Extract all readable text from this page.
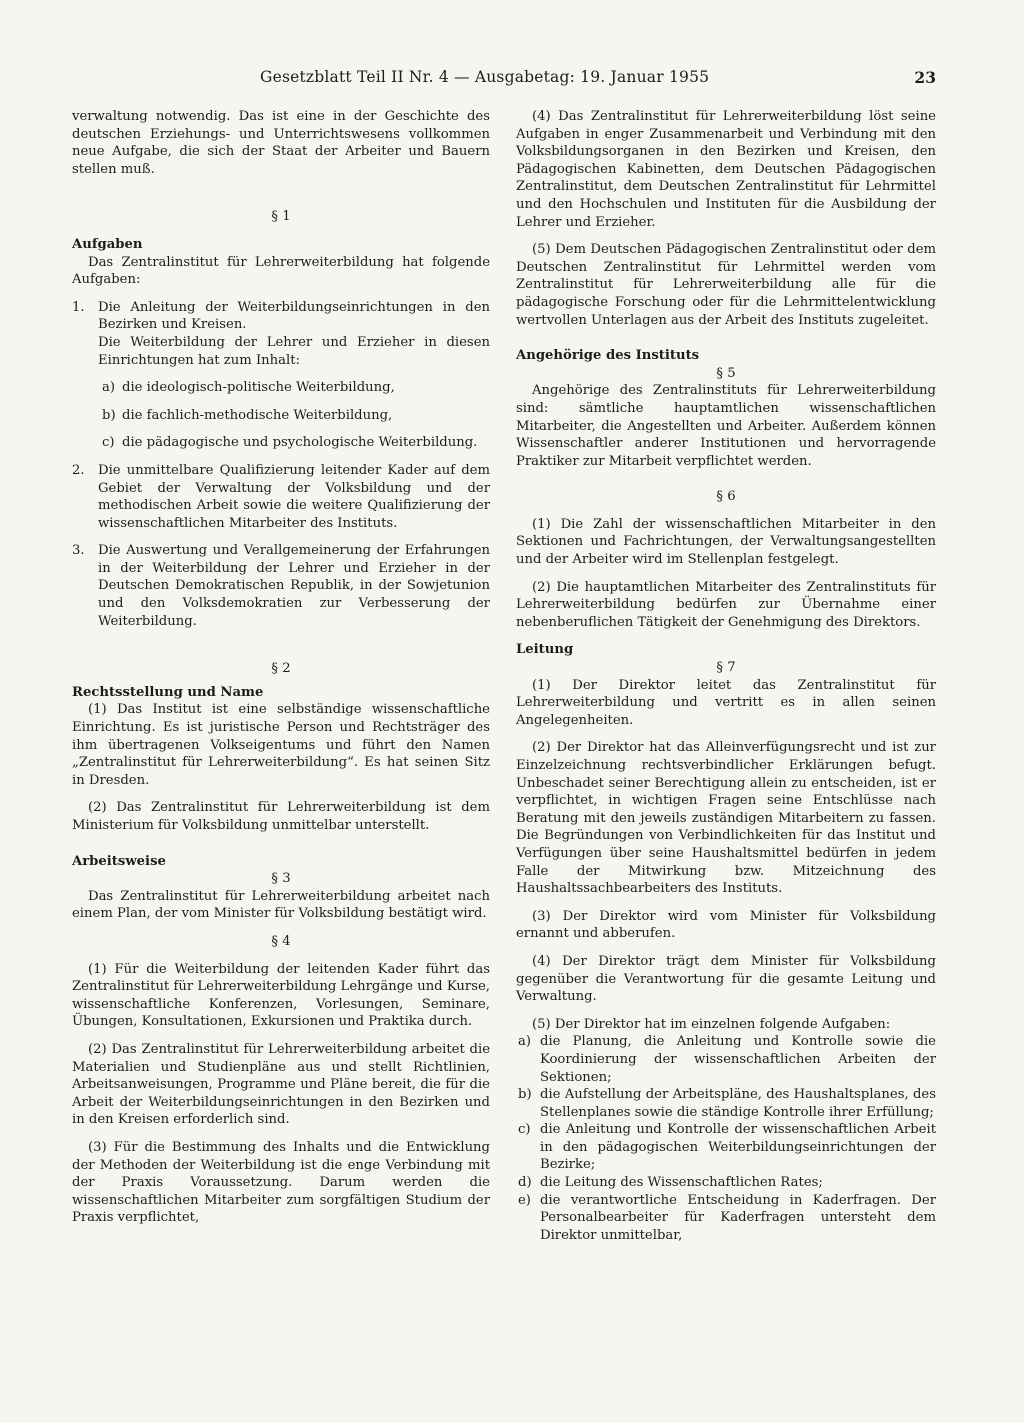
Gesetzblatt Teil II Nr. 4 — Ausgabetag: 19. Januar 1955	23

verwaltung notwendig. Das ist eine in der Geschichte des deutschen Erziehungs- und Unterrichtswesens vollkommen neue Aufgabe, die sich der Staat der Arbeiter und Bauern stellen muß.

§ 1

Aufgaben

Das Zentralinstitut für Lehrerweiterbildung hat folgende Aufgaben:

1.	Die Anleitung der Weiterbildungseinrichtungen in den Bezirken und Kreisen.
Die Weiterbildung der Lehrer und Erzieher in diesen Einrichtungen hat zum Inhalt:
a) die ideologisch-politische Weiterbildung,
b) die fachlich-methodische Weiterbildung,
c) die pädagogische und psychologische Weiterbildung.
2.	Die unmittelbare Qualifizierung leitender Kader auf dem Gebiet der Verwaltung der Volksbildung und der methodischen Arbeit sowie die weitere Qualifizierung der wissenschaftlichen Mitarbeiter des Instituts.
3.	Die Auswertung und Verallgemeinerung der Erfahrungen in der Weiterbildung der Lehrer und Erzieher in der Deutschen Demokratischen Republik, in der Sowjetunion und den Volksdemokratien zur Verbesserung der Weiterbildung.

§ 2

Rechtsstellung und Name

(1) Das Institut ist eine selbständige wissenschaftliche Einrichtung. Es ist juristische Person und Rechtsträger des ihm übertragenen Volkseigentums und führt den Namen „Zentralinstitut für Lehrerweiterbildung“. Es hat seinen Sitz in Dresden.

(2) Das Zentralinstitut für Lehrerweiterbildung ist dem Ministerium für Volksbildung unmittelbar unterstellt.

Arbeitsweise

§ 3

Das Zentralinstitut für Lehrerweiterbildung arbeitet nach einem Plan, der vom Minister für Volksbildung bestätigt wird.

§ 4

(1) Für die Weiterbildung der leitenden Kader führt das Zentralinstitut für Lehrerweiterbildung Lehrgänge und Kurse, wissenschaftliche Konferenzen, Vorlesungen, Seminare, Übungen, Konsultationen, Exkursionen und Praktika durch.

(2) Das Zentralinstitut für Lehrerweiterbildung arbeitet die Materialien und Studienpläne aus und stellt Richtlinien, Arbeitsanweisungen, Programme und Pläne bereit, die für die Arbeit der Weiterbildungseinrichtungen in den Bezirken und in den Kreisen erforderlich sind.

(3) Für die Bestimmung des Inhalts und die Entwicklung der Methoden der Weiterbildung ist die enge Verbindung mit der Praxis Voraussetzung. Darum werden die wissenschaftlichen Mitarbeiter zum sorgfältigen Studium der Praxis verpflichtet,

(4) Das Zentralinstitut für Lehrerweiterbildung löst seine Aufgaben in enger Zusammenarbeit und Verbindung mit den Volksbildungsorganen in den Bezirken und Kreisen, den Pädagogischen Kabinetten, dem Deutschen Pädagogischen Zentralinstitut, dem Deutschen Zentralinstitut für Lehrmittel und den Hochschulen und Instituten für die Ausbildung der Lehrer und Erzieher.

(5) Dem Deutschen Pädagogischen Zentralinstitut oder dem Deutschen Zentralinstitut für Lehrmittel werden vom Zentralinstitut für Lehrerweiterbildung alle für die pädagogische Forschung oder für die Lehrmittelentwicklung wertvollen Unterlagen aus der Arbeit des Instituts zugeleitet.

Angehörige des Instituts

§ 5

Angehörige des Zentralinstituts für Lehrerweiterbildung sind: sämtliche hauptamtlichen wissenschaftlichen Mitarbeiter, die Angestellten und Arbeiter. Außerdem können Wissenschaftler anderer Institutionen und hervorragende Praktiker zur Mitarbeit verpflichtet werden.

§ 6

(1) Die Zahl der wissenschaftlichen Mitarbeiter in den Sektionen und Fachrichtungen, der Verwaltungsangestellten und der Arbeiter wird im Stellenplan festgelegt.

(2) Die hauptamtlichen Mitarbeiter des Zentralinstituts für Lehrerweiterbildung bedürfen zur Übernahme einer nebenberuflichen Tätigkeit der Genehmigung des Direktors.

Leitung

§ 7

(1) Der Direktor leitet das Zentralinstitut für Lehrerweiterbildung und vertritt es in allen seinen Angelegenheiten.

(2) Der Direktor hat das Alleinverfügungsrecht und ist zur Einzelzeichnung rechtsverbindlicher Erklärungen befugt. Unbeschadet seiner Berechtigung allein zu entscheiden, ist er verpflichtet, in wichtigen Fragen seine Entschlüsse nach Beratung mit den jeweils zuständigen Mitarbeitern zu fassen. Die Begründungen von Verbindlichkeiten für das Institut und Verfügungen über seine Haushaltsmittel bedürfen in jedem Falle der Mitwirkung bzw. Mitzeichnung des Haushaltssachbearbeiters des Instituts.

(3) Der Direktor wird vom Minister für Volksbildung ernannt und abberufen.

(4) Der Direktor trägt dem Minister für Volksbildung gegenüber die Verantwortung für die gesamte Leitung und Verwaltung.

(5) Der Direktor hat im einzelnen folgende Aufgaben:

a) die Planung, die Anleitung und Kontrolle sowie die Koordinierung der wissenschaftlichen Arbeiten der Sektionen;
b) die Aufstellung der Arbeitspläne, des Haushaltsplanes, des Stellenplanes sowie die ständige Kontrolle ihrer Erfüllung;
c) die Anleitung und Kontrolle der wissenschaftlichen Arbeit in den pädagogischen Weiterbildungseinrichtungen der Bezirke;
d) die Leitung des Wissenschaftlichen Rates;
e) die verantwortliche Entscheidung in Kaderfragen. Der Personalbearbeiter für Kaderfragen untersteht dem Direktor unmittelbar,
